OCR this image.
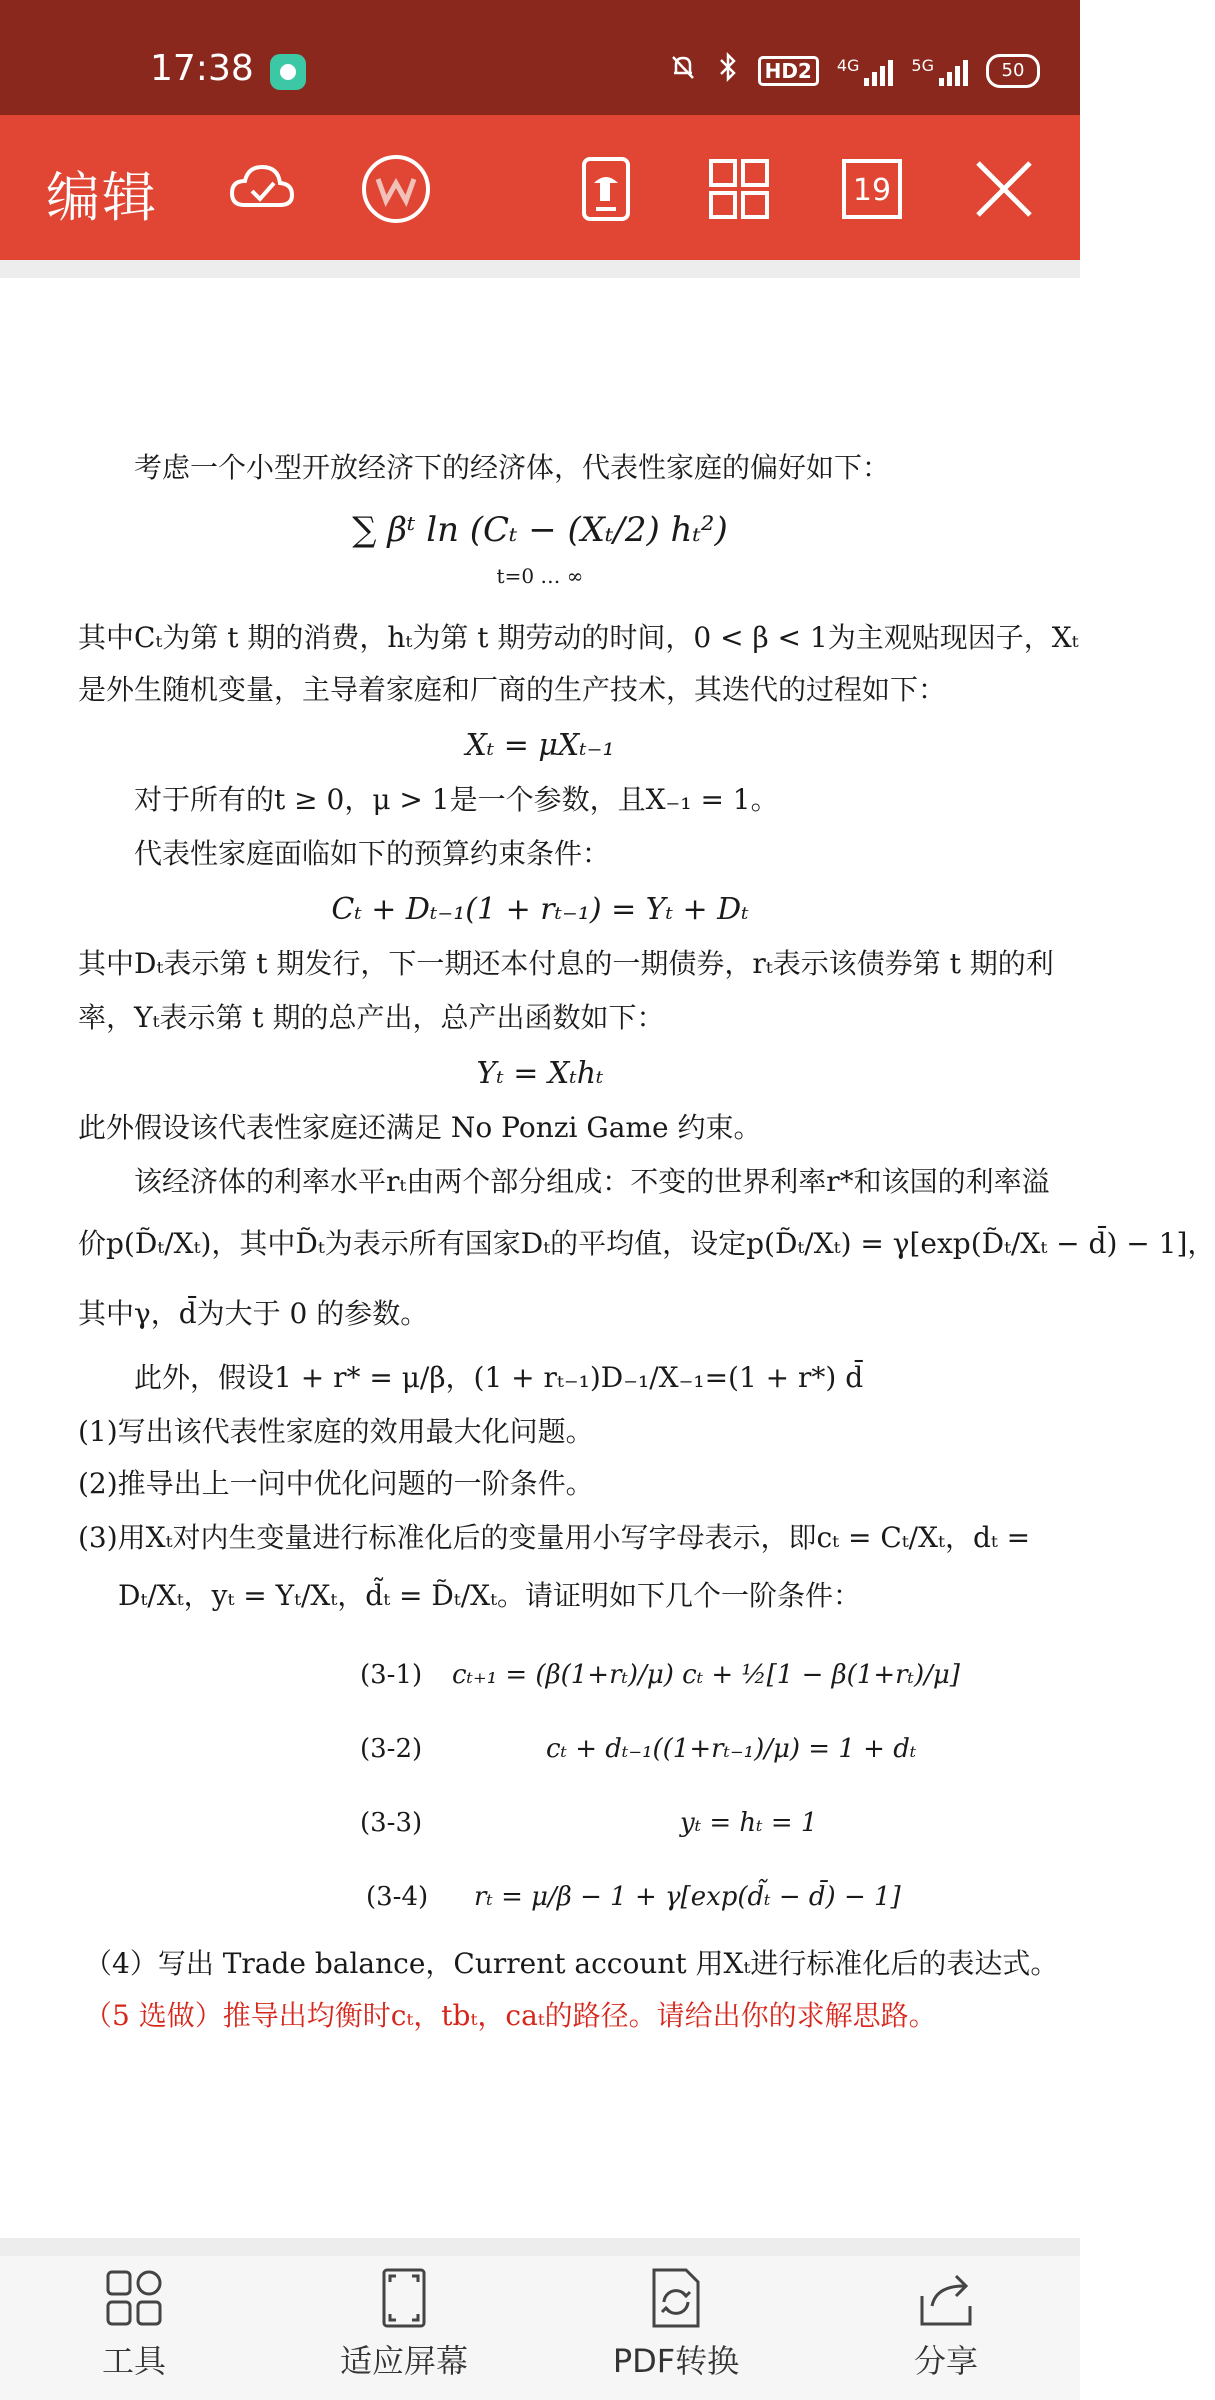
17:38	HD2	4G	5G	50
编辑	19
考虑一个小型开放经济下的经济体，代表性家庭的偏好如下：
∑ βᵗ ln (Cₜ − (Xₜ/2) hₜ²)
t=0 … ∞
其中Cₜ为第 t 期的消费，hₜ为第 t 期劳动的时间，0 < β < 1为主观贴现因子，Xₜ
是外生随机变量，主导着家庭和厂商的生产技术，其迭代的过程如下：
Xₜ = μXₜ₋₁
对于所有的t ≥ 0，μ > 1是一个参数，且X₋₁ = 1。
代表性家庭面临如下的预算约束条件：
Cₜ + Dₜ₋₁(1 + rₜ₋₁) = Yₜ + Dₜ
其中Dₜ表示第 t 期发行，下一期还本付息的一期债券，rₜ表示该债券第 t 期的利
率，Yₜ表示第 t 期的总产出，总产出函数如下：
Yₜ = Xₜhₜ
此外假设该代表性家庭还满足 No Ponzi Game 约束。
该经济体的利率水平rₜ由两个部分组成：不变的世界利率r*和该国的利率溢
价p(D̃ₜ/Xₜ)，其中D̃ₜ为表示所有国家Dₜ的平均值，设定p(D̃ₜ/Xₜ) = γ[exp(D̃ₜ/Xₜ − d̄) − 1]，
其中γ，d̄为大于 0 的参数。
此外，假设1 + r* = μ/β，(1 + rₜ₋₁)D₋₁/X₋₁=(1 + r*) d̄
(1)写出该代表性家庭的效用最大化问题。
(2)推导出上一问中优化问题的一阶条件。
(3)用Xₜ对内生变量进行标准化后的变量用小写字母表示，即cₜ = Cₜ/Xₜ，dₜ =
Dₜ/Xₜ，yₜ = Yₜ/Xₜ，d̃ₜ = D̃ₜ/Xₜ。请证明如下几个一阶条件：
(3-1) cₜ₊₁ = (β(1+rₜ)/μ) cₜ + ½[1 − β(1+rₜ)/μ]
(3-2)	cₜ + dₜ₋₁((1+rₜ₋₁)/μ) = 1 + dₜ
(3-3)	yₜ = hₜ = 1
(3-4) rₜ = μ/β − 1 + γ[exp(d̃ₜ − d̄) − 1]
（4）写出 Trade balance，Current account 用Xₜ进行标准化后的表达式。
（5 选做）推导出均衡时cₜ，tbₜ，caₜ的路径。请给出你的求解思路。
工具	适应屏幕	PDF转换	分享
